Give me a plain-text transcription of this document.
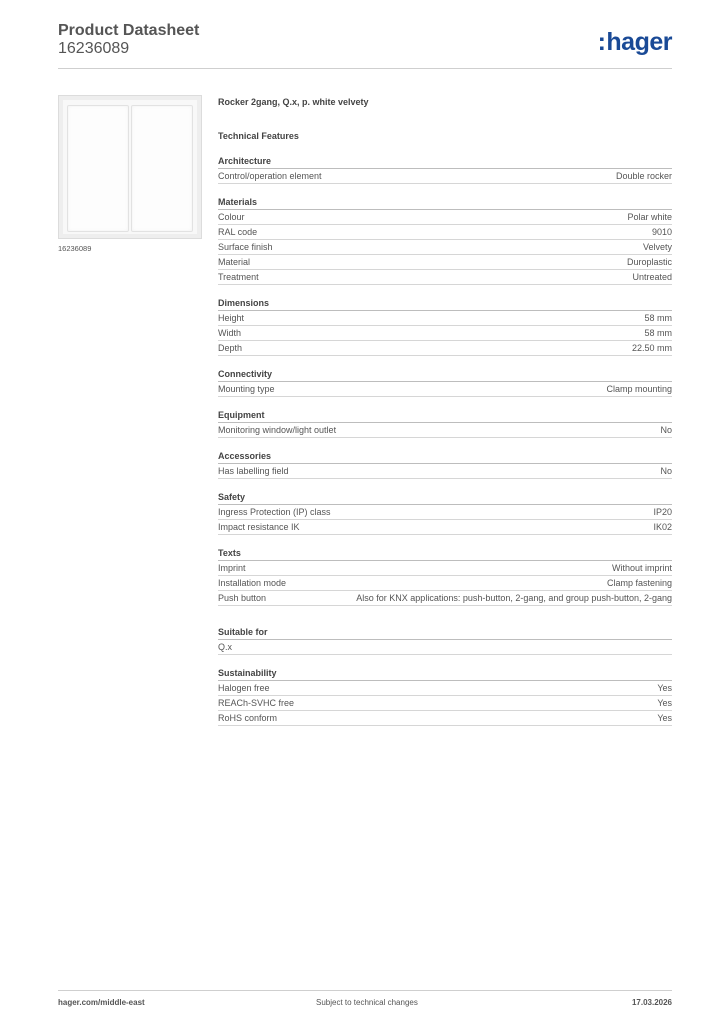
Product Datasheet
16236089	:hager
16236089
Rocker 2gang, Q.x, p. white velvety
Technical Features
Architecture
Control/operation element	Double rocker
Materials
Colour	Polar white
RAL code	9010
Surface finish	Velvety
Material	Duroplastic
Treatment	Untreated
Dimensions
Height	58 mm
Width	58 mm
Depth	22.50 mm
Connectivity
Mounting type	Clamp mounting
Equipment
Monitoring window/light outlet	No
Accessories
Has labelling field	No
Safety
Ingress Protection (IP) class	IP20
Impact resistance IK	IK02
Texts
Imprint	Without imprint
Installation mode	Clamp fastening
Push button	Also for KNX applications: push-button, 2-gang, and group push-button, 2-gang
Suitable for
Q.x
Sustainability
Halogen free	Yes
REACh-SVHC free	Yes
RoHS conform	Yes
hager.com/middle-east	Subject to technical changes	17.03.2026
